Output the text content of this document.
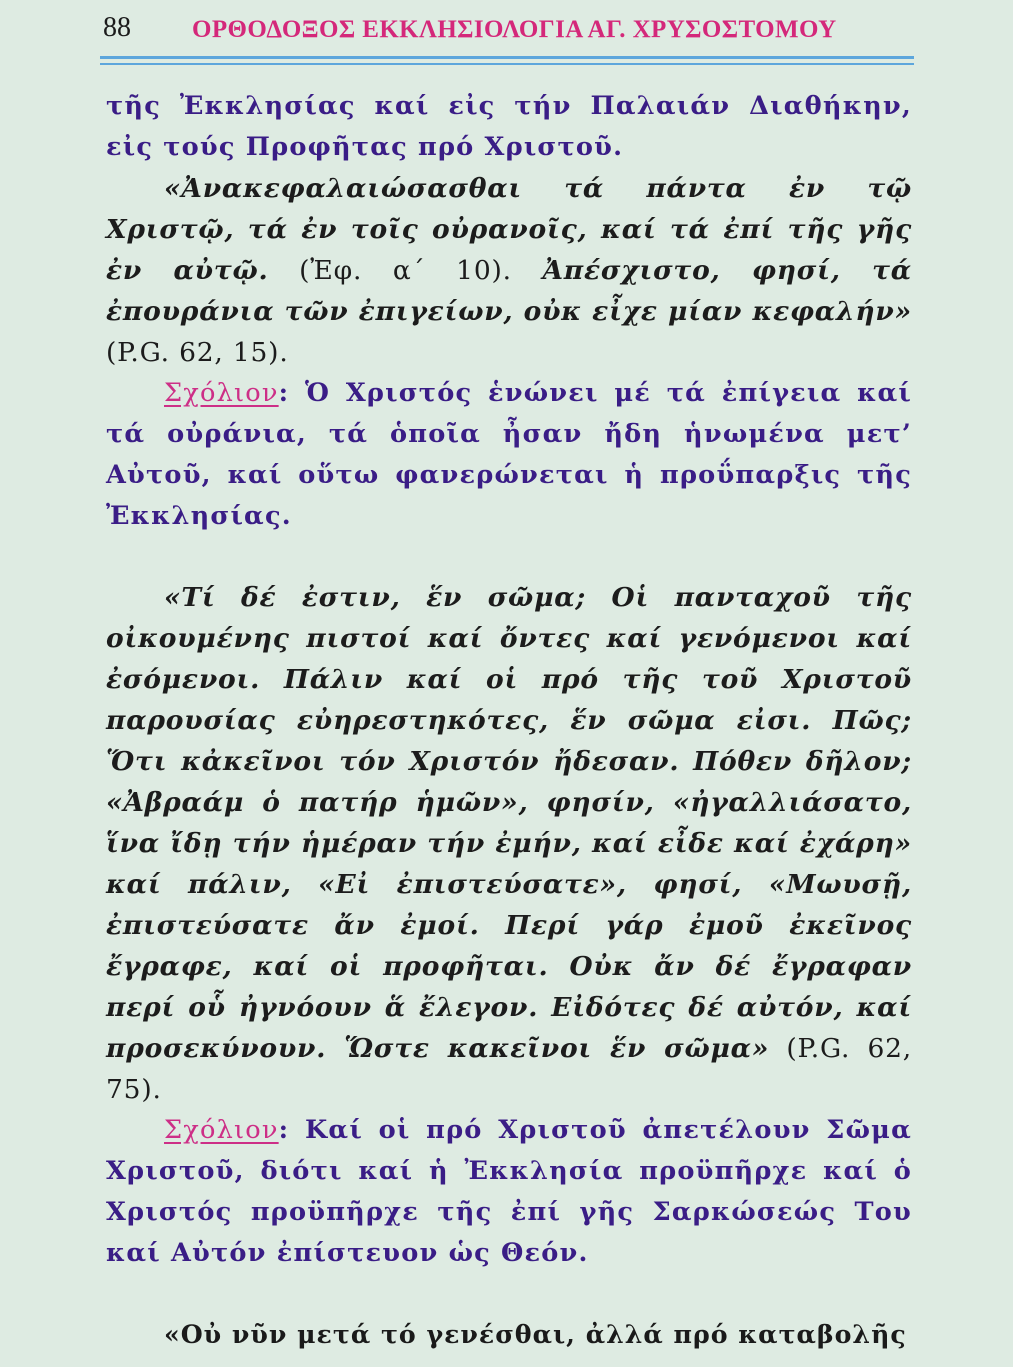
88 ΟΡΘΟΔΟΞΟΣ ΕΚΚΛΗΣΙΟΛΟΓΙΑ ΑΓ. ΧΡΥΣΟΣΤΟΜΟΥ

τῆς Ἐκκλησίας καί εἰς τήν Παλαιάν Διαθήκην, εἰς τούς Προφῆτας πρό Χριστοῦ.

«Ἀνακεφαλαιώσασθαι τά πάντα ἐν τῷ Χριστῷ, τά ἐν τοῖς οὐρανοῖς, καί τά ἐπί τῆς γῆς ἐν αὐτῷ. (Ἐφ. α΄ 10). Ἀπέσχιστο, φησί, τά ἐπουράνια τῶν ἐπιγείων, οὐκ εἶχε μίαν κεφαλήν» (P.G. 62, 15).

Σχόλιον: Ὁ Χριστός ἑνώνει μέ τά ἐπίγεια καί τά οὐράνια, τά ὁποῖα ἦσαν ἤδη ἡνωμένα μετ’ Αὐτοῦ, καί οὕτω φανερώνεται ἡ προΰπαρξις τῆς Ἐκκλησίας.

«Τί δέ ἐστιν, ἕν σῶμα; Οἱ πανταχοῦ τῆς οἰκουμένης πιστοί καί ὄντες καί γενόμενοι καί ἐσόμενοι. Πάλιν καί οἱ πρό τῆς τοῦ Χριστοῦ παρουσίας εὐηρεστηκότες, ἕν σῶμα εἰσι. Πῶς; Ὅτι κἀκεῖνοι τόν Χριστόν ἤδεσαν. Πόθεν δῆλον; «Ἀβραάμ ὁ πατήρ ἡμῶν», φησίν, «ἠγαλλιάσατο, ἵνα ἴδῃ τήν ἡμέραν τήν ἐμήν, καί εἶδε καί ἐχάρη» καί πάλιν, «Εἰ ἐπιστεύσατε», φησί, «Μωυσῇ, ἐπιστεύσατε ἄν ἐμοί. Περί γάρ ἐμοῦ ἐκεῖνος ἔγραφε, καί οἱ προφῆται. Οὐκ ἄν δέ ἔγραφαν περί οὗ ἠγνόουν ἅ ἔλεγον. Εἰδότες δέ αὐτόν, καί προσεκύνουν. Ὥστε κακεῖνοι ἕν σῶμα» (P.G. 62, 75).

Σχόλιον: Καί οἱ πρό Χριστοῦ ἀπετέλουν Σῶμα Χριστοῦ, διότι καί ἡ Ἐκκλησία προϋπῆρχε καί ὁ Χριστός προϋπῆρχε τῆς ἐπί γῆς Σαρκώσεώς Του καί Αὐτόν ἐπίστευον ὡς Θεόν.

«Οὐ νῦν μετά τό γενέσθαι, ἀλλά πρό καταβολῆς
